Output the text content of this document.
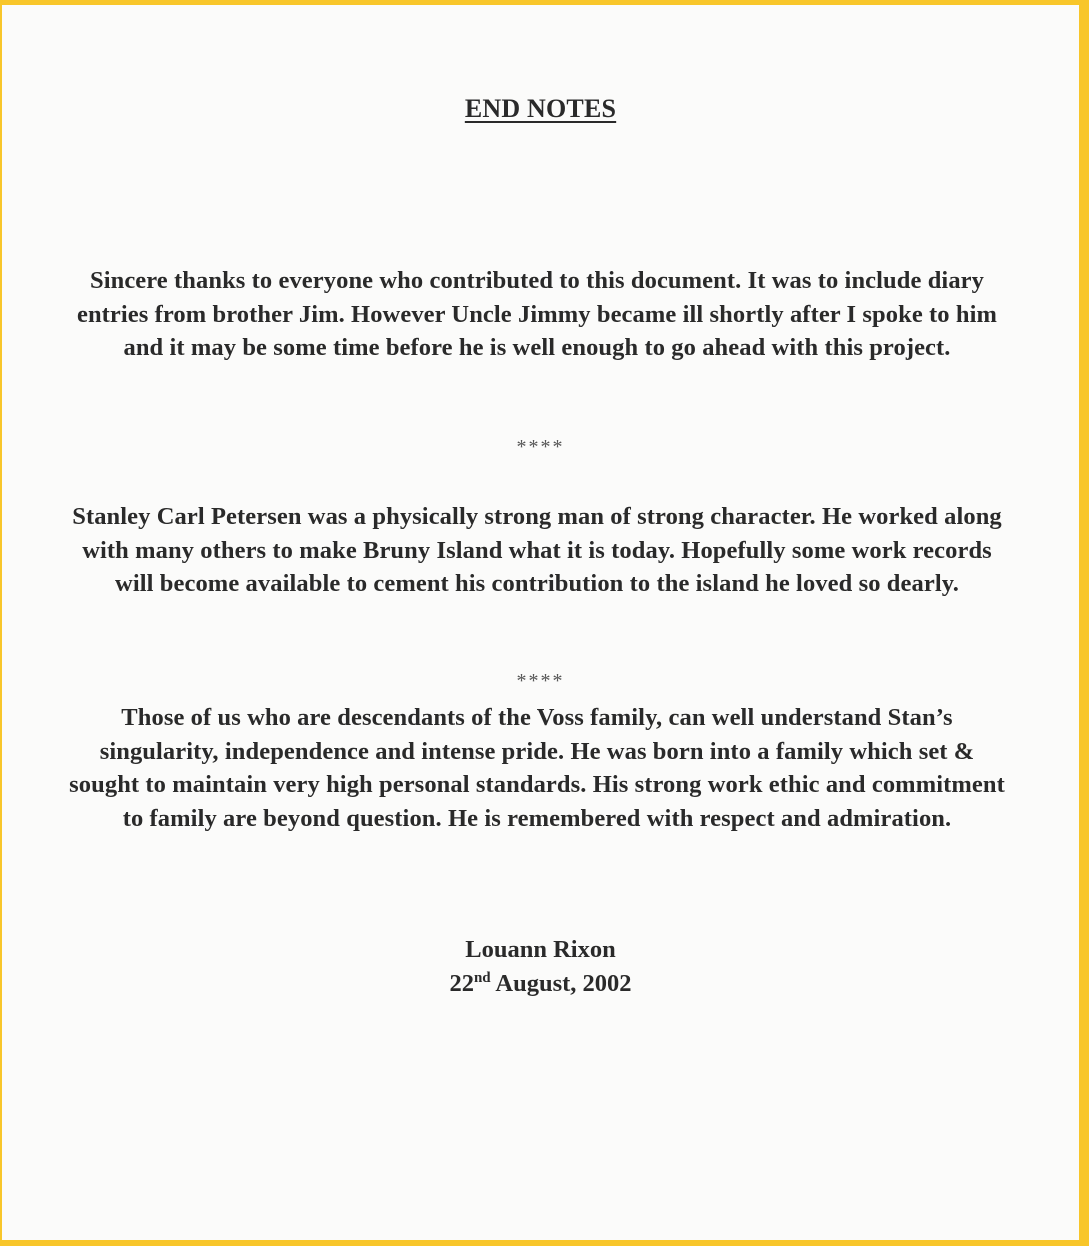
END NOTES
Sincere thanks to everyone who contributed to this document. It was to include diary entries from brother Jim. However Uncle Jimmy became ill shortly after I spoke to him and it may be some time before he is well enough to go ahead with this project.
****
Stanley Carl Petersen was a physically strong man of strong character. He worked along with many others to make Bruny Island what it is today. Hopefully some work records will become available to cement his contribution to the island he loved so dearly.
****
Those of us who are descendants of the Voss family, can well understand Stan’s singularity, independence and intense pride. He was born into a family which set & sought to maintain very high personal standards. His strong work ethic and commitment to family are beyond question. He is remembered with respect and admiration.
Louann Rixon
22nd August, 2002
